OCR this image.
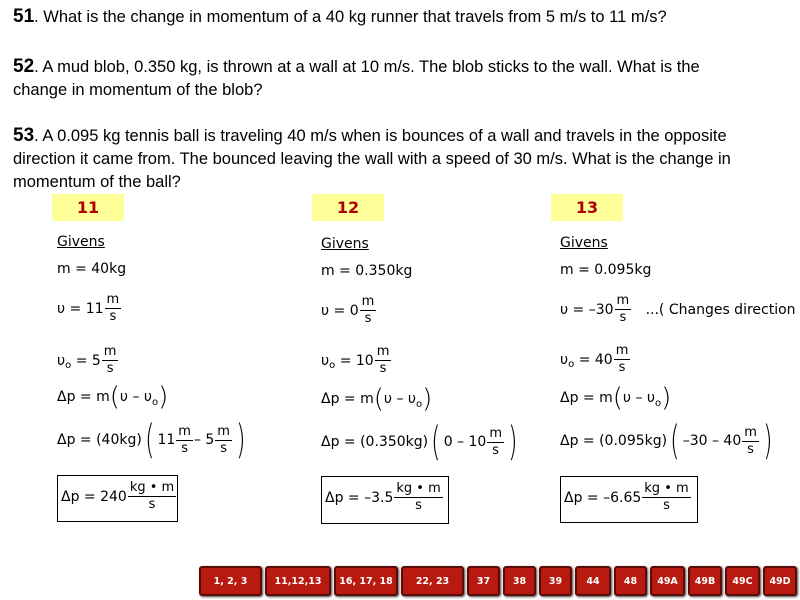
51. What is the change in momentum of a 40 kg runner that travels from 5 m/s to 11 m/s?
52. A mud blob, 0.350 kg, is thrown at a wall at 10 m/s. The blob sticks to the wall. What is the
change in momentum of the blob?
53. A 0.095 kg tennis ball is traveling 40 m/s when is bounces of a wall and travels in the opposite
direction it came from. The bounced leaving the wall with a speed of 30 m/s. What is the change in
momentum of the ball?
11	12	13
Givens
m = 40kg
$\upsilon = 11 \frac{m}{s}$
υ o
= $5 \frac{m}{s}$
Δp = m ( υ – υ o )
Δp = (40kg) ( $11 \frac{m}{s} - 5 \frac{m}{s}$ )
$\Delta p = 240 \frac{kg • m}{s}$
Givens
m = 0.350kg
$\upsilon = 0 \frac{m}{s}$
υ o
= $10 \frac{m}{s}$
Δp = m ( υ – υ o )
Δp = (0.350kg) ( $0 - 10 \frac{m}{s}$ )
$\Delta p = -3.5 \frac{kg • m}{s}$
Givens
m = 0.095kg
$\upsilon = -30 \frac{m}{s}$
...( Changes direction
υ o
= $40 \frac{m}{s}$
Δp = m ( υ – υ o )
Δp = (0.095kg) ( $-30 - 40 \frac{m}{s}$ )
$\Delta p = -6.65 \frac{kg • m}{s}$
1, 2, 3	11,12,13	16, 17, 18	22, 23	37	38	39	44	48	49A	49B	49C	49D
